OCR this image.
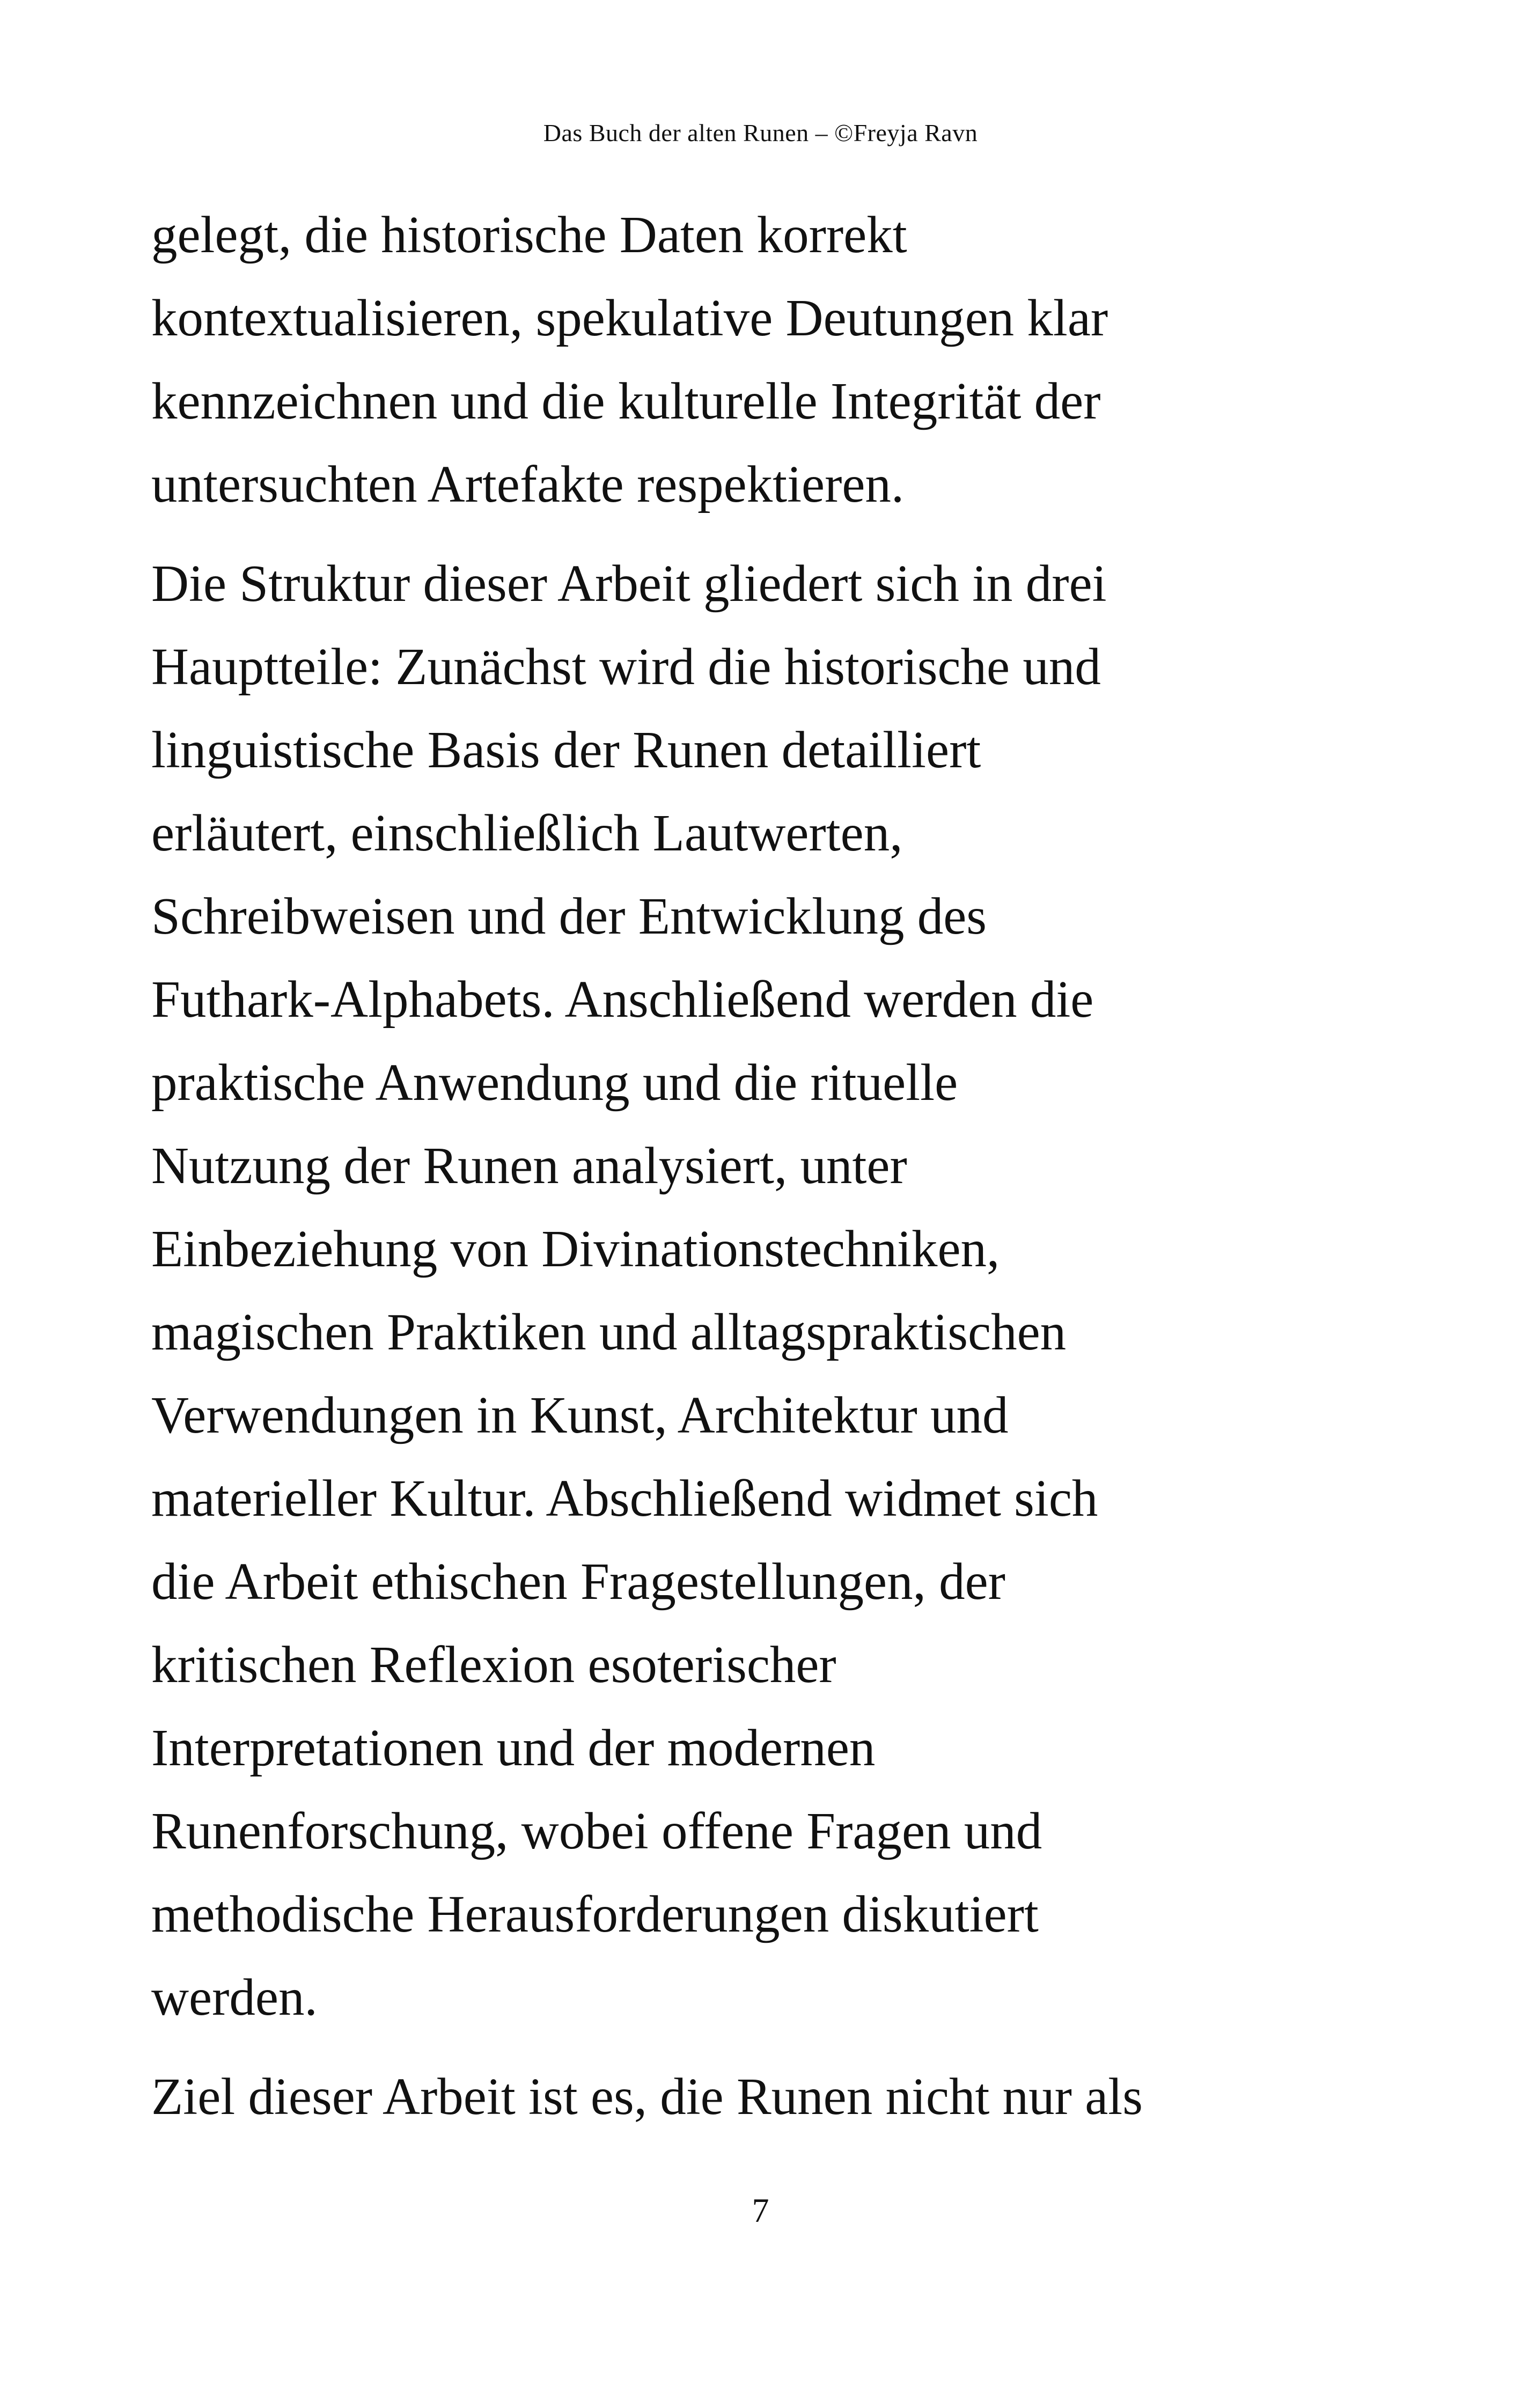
Das Buch der alten Runen – ©Freyja Ravn

gelegt, die historische Daten korrekt
kontextualisieren, spekulative Deutungen klar
kennzeichnen und die kulturelle Integrität der
untersuchten Artefakte respektieren.

Die Struktur dieser Arbeit gliedert sich in drei
Hauptteile: Zunächst wird die historische und
linguistische Basis der Runen detailliert
erläutert, einschließlich Lautwerten,
Schreibweisen und der Entwicklung des
Futhark-Alphabets. Anschließend werden die
praktische Anwendung und die rituelle
Nutzung der Runen analysiert, unter
Einbeziehung von Divinationstechniken,
magischen Praktiken und alltagspraktischen
Verwendungen in Kunst, Architektur und
materieller Kultur. Abschließend widmet sich
die Arbeit ethischen Fragestellungen, der
kritischen Reflexion esoterischer
Interpretationen und der modernen
Runenforschung, wobei offene Fragen und
methodische Herausforderungen diskutiert
werden.

Ziel dieser Arbeit ist es, die Runen nicht nur als

7
